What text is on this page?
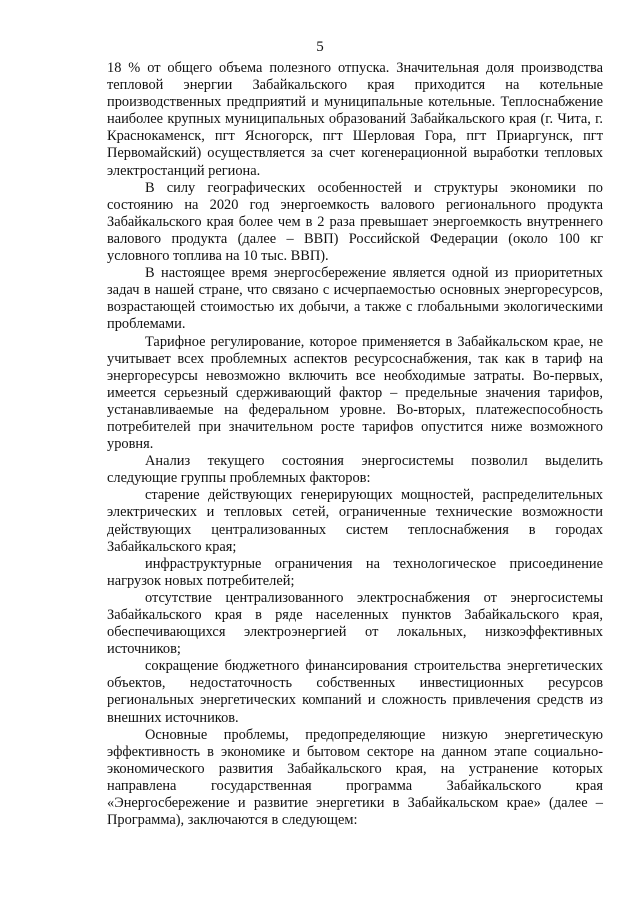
5

18 % от общего объема полезного отпуска. Значительная доля производства тепловой энергии Забайкальского края приходится на котельные производственных предприятий и муниципальные котельные. Теплоснабжение наиболее крупных муниципальных образований Забайкальского края (г. Чита, г. Краснокаменск, пгт Ясногорск, пгт Шерловая Гора, пгт Приаргунск, пгт Первомайский) осуществляется за счет когенерационной выработки тепловых электростанций региона.

В силу географических особенностей и структуры экономики по состоянию на 2020 год энергоемкость валового регионального продукта Забайкальского края более чем в 2 раза превышает энергоемкость внутреннего валового продукта (далее – ВВП) Российской Федерации (около 100 кг условного топлива на 10 тыс. ВВП).

В настоящее время энергосбережение является одной из приоритетных задач в нашей стране, что связано с исчерпаемостью основных энергоресурсов, возрастающей стоимостью их добычи, а также с глобальными экологическими проблемами.

Тарифное регулирование, которое применяется в Забайкальском крае, не учитывает всех проблемных аспектов ресурсоснабжения, так как в тариф на энергоресурсы невозможно включить все необходимые затраты. Во-первых, имеется серьезный сдерживающий фактор – предельные значения тарифов, устанавливаемые на федеральном уровне. Во-вторых, платежеспособность потребителей при значительном росте тарифов опустится ниже возможного уровня.

Анализ текущего состояния энергосистемы позволил выделить следующие группы проблемных факторов:

старение действующих генерирующих мощностей, распределительных электрических и тепловых сетей, ограниченные технические возможности действующих централизованных систем теплоснабжения в городах Забайкальского края;

инфраструктурные ограничения на технологическое присоединение нагрузок новых потребителей;

отсутствие централизованного электроснабжения от энергосистемы Забайкальского края в ряде населенных пунктов Забайкальского края, обеспечивающихся электроэнергией от локальных, низкоэффективных источников;

сокращение бюджетного финансирования строительства энергетических объектов, недостаточность собственных инвестиционных ресурсов региональных энергетических компаний и сложность привлечения средств из внешних источников.

Основные проблемы, предопределяющие низкую энергетическую эффективность в экономике и бытовом секторе на данном этапе социально-экономического развития Забайкальского края, на устранение которых направлена государственная программа Забайкальского края «Энергосбережение и развитие энергетики в Забайкальском крае» (далее – Программа), заключаются в следующем:
